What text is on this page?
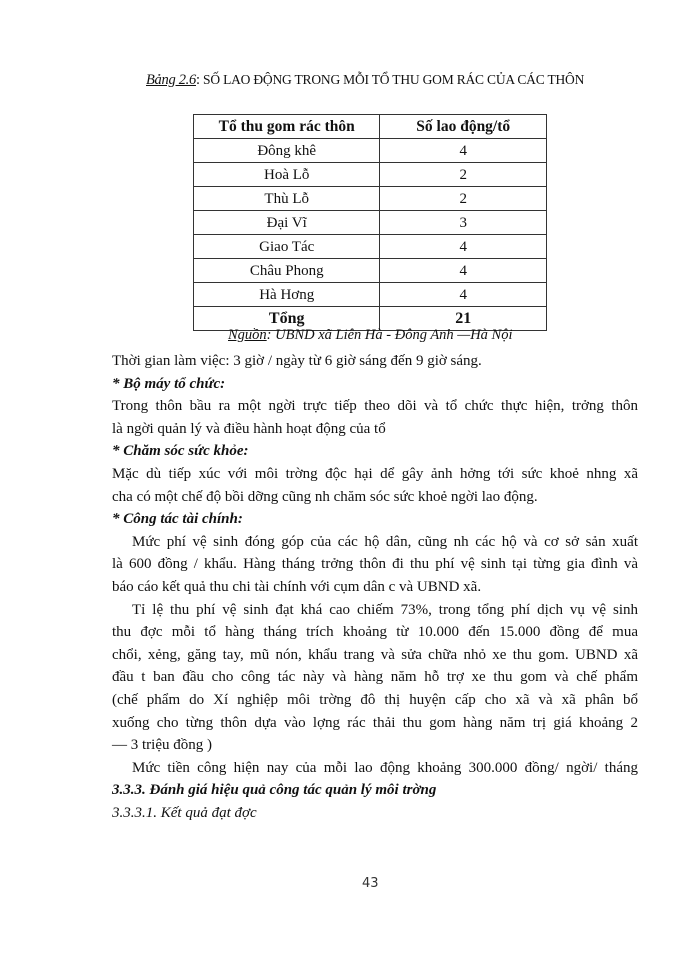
Bảng 2.6: SỐ LAO ĐỘNG TRONG MỖI TỔ THU GOM RÁC CỦA CÁC THÔN
Tổ thu gom rác thôn	Số lao động/tổ
Đông khê	4
Hoà Lỗ	2
Thù Lỗ	2
Đại Vĩ	3
Giao Tác	4
Châu Phong	4
Hà Hơng	4
Tổng	21
Nguồn: UBND xã Liên Hà - Đông Anh —Hà Nội
Thời gian làm việc: 3 giờ / ngày từ 6 giờ sáng đến 9 giờ sáng.
* Bộ máy tổ chức:
Trong thôn bầu ra một ngời trực tiếp theo dõi và tổ chức thực hiện, trởng thôn
là ngời quản lý và điều hành hoạt động của tổ
* Chăm sóc sức khỏe:
Mặc dù tiếp xúc với môi trờng độc hại dể gây ảnh hởng tới sức khoẻ nhng xã
cha có một chế độ bồi dỡng cũng nh chăm sóc sức khoẻ ngời lao động.
* Công tác tài chính:
Mức phí vệ sinh đóng góp của các hộ dân, cũng nh các hộ và cơ sở sản xuất
là 600 đồng / khẩu. Hàng tháng trởng thôn đi thu phí vệ sinh tại từng gia đình và
báo cáo kết quả thu chi tài chính với cụm dân c và UBND xã.
Tỉ lệ thu phí vệ sinh đạt khá cao chiếm 73%, trong tổng phí dịch vụ vệ sinh
thu đợc mỗi tổ hàng tháng trích khoảng từ 10.000 đến 15.000 đồng để mua
chổi, xẻng, găng tay, mũ nón, khẩu trang và sửa chữa nhỏ xe thu gom. UBND xã
đầu t ban đầu cho công tác này và hàng năm hỗ trợ xe thu gom và chế phẩm
(chế phẩm do Xí nghiệp môi trờng đô thị huyện cấp cho xã và xã phân bổ
xuống cho từng thôn dựa vào lợng rác thải thu gom hàng năm trị giá khoảng 2
— 3 triệu đồng )
Mức tiền công hiện nay của mỗi lao động khoảng 300.000 đồng/ ngời/ tháng
3.3.3. Đánh giá hiệu quả công tác quản lý môi trờng
3.3.3.1. Kết quả đạt đợc
43
